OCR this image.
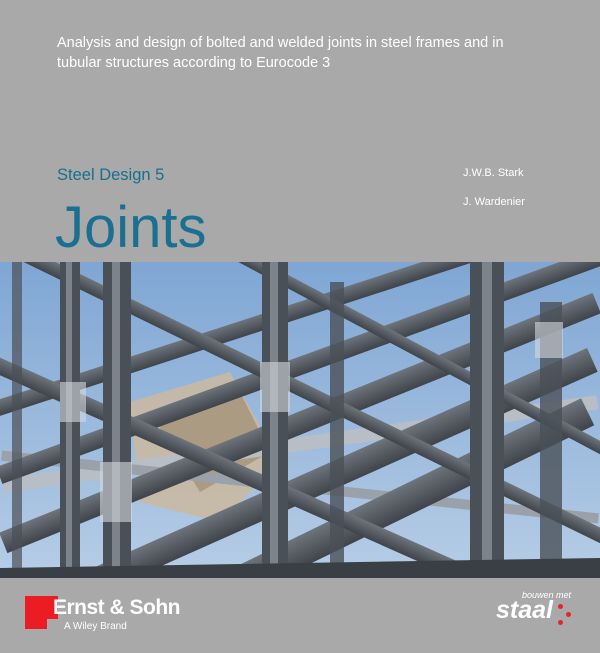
Analysis and design of bolted and welded joints in steel frames and in
tubular structures according to Eurocode 3
Steel Design 5	J.W.B. Stark
J. Wardenier
Joints
Ernst & Sohn
A Wiley Brand
bouwen met
staal
